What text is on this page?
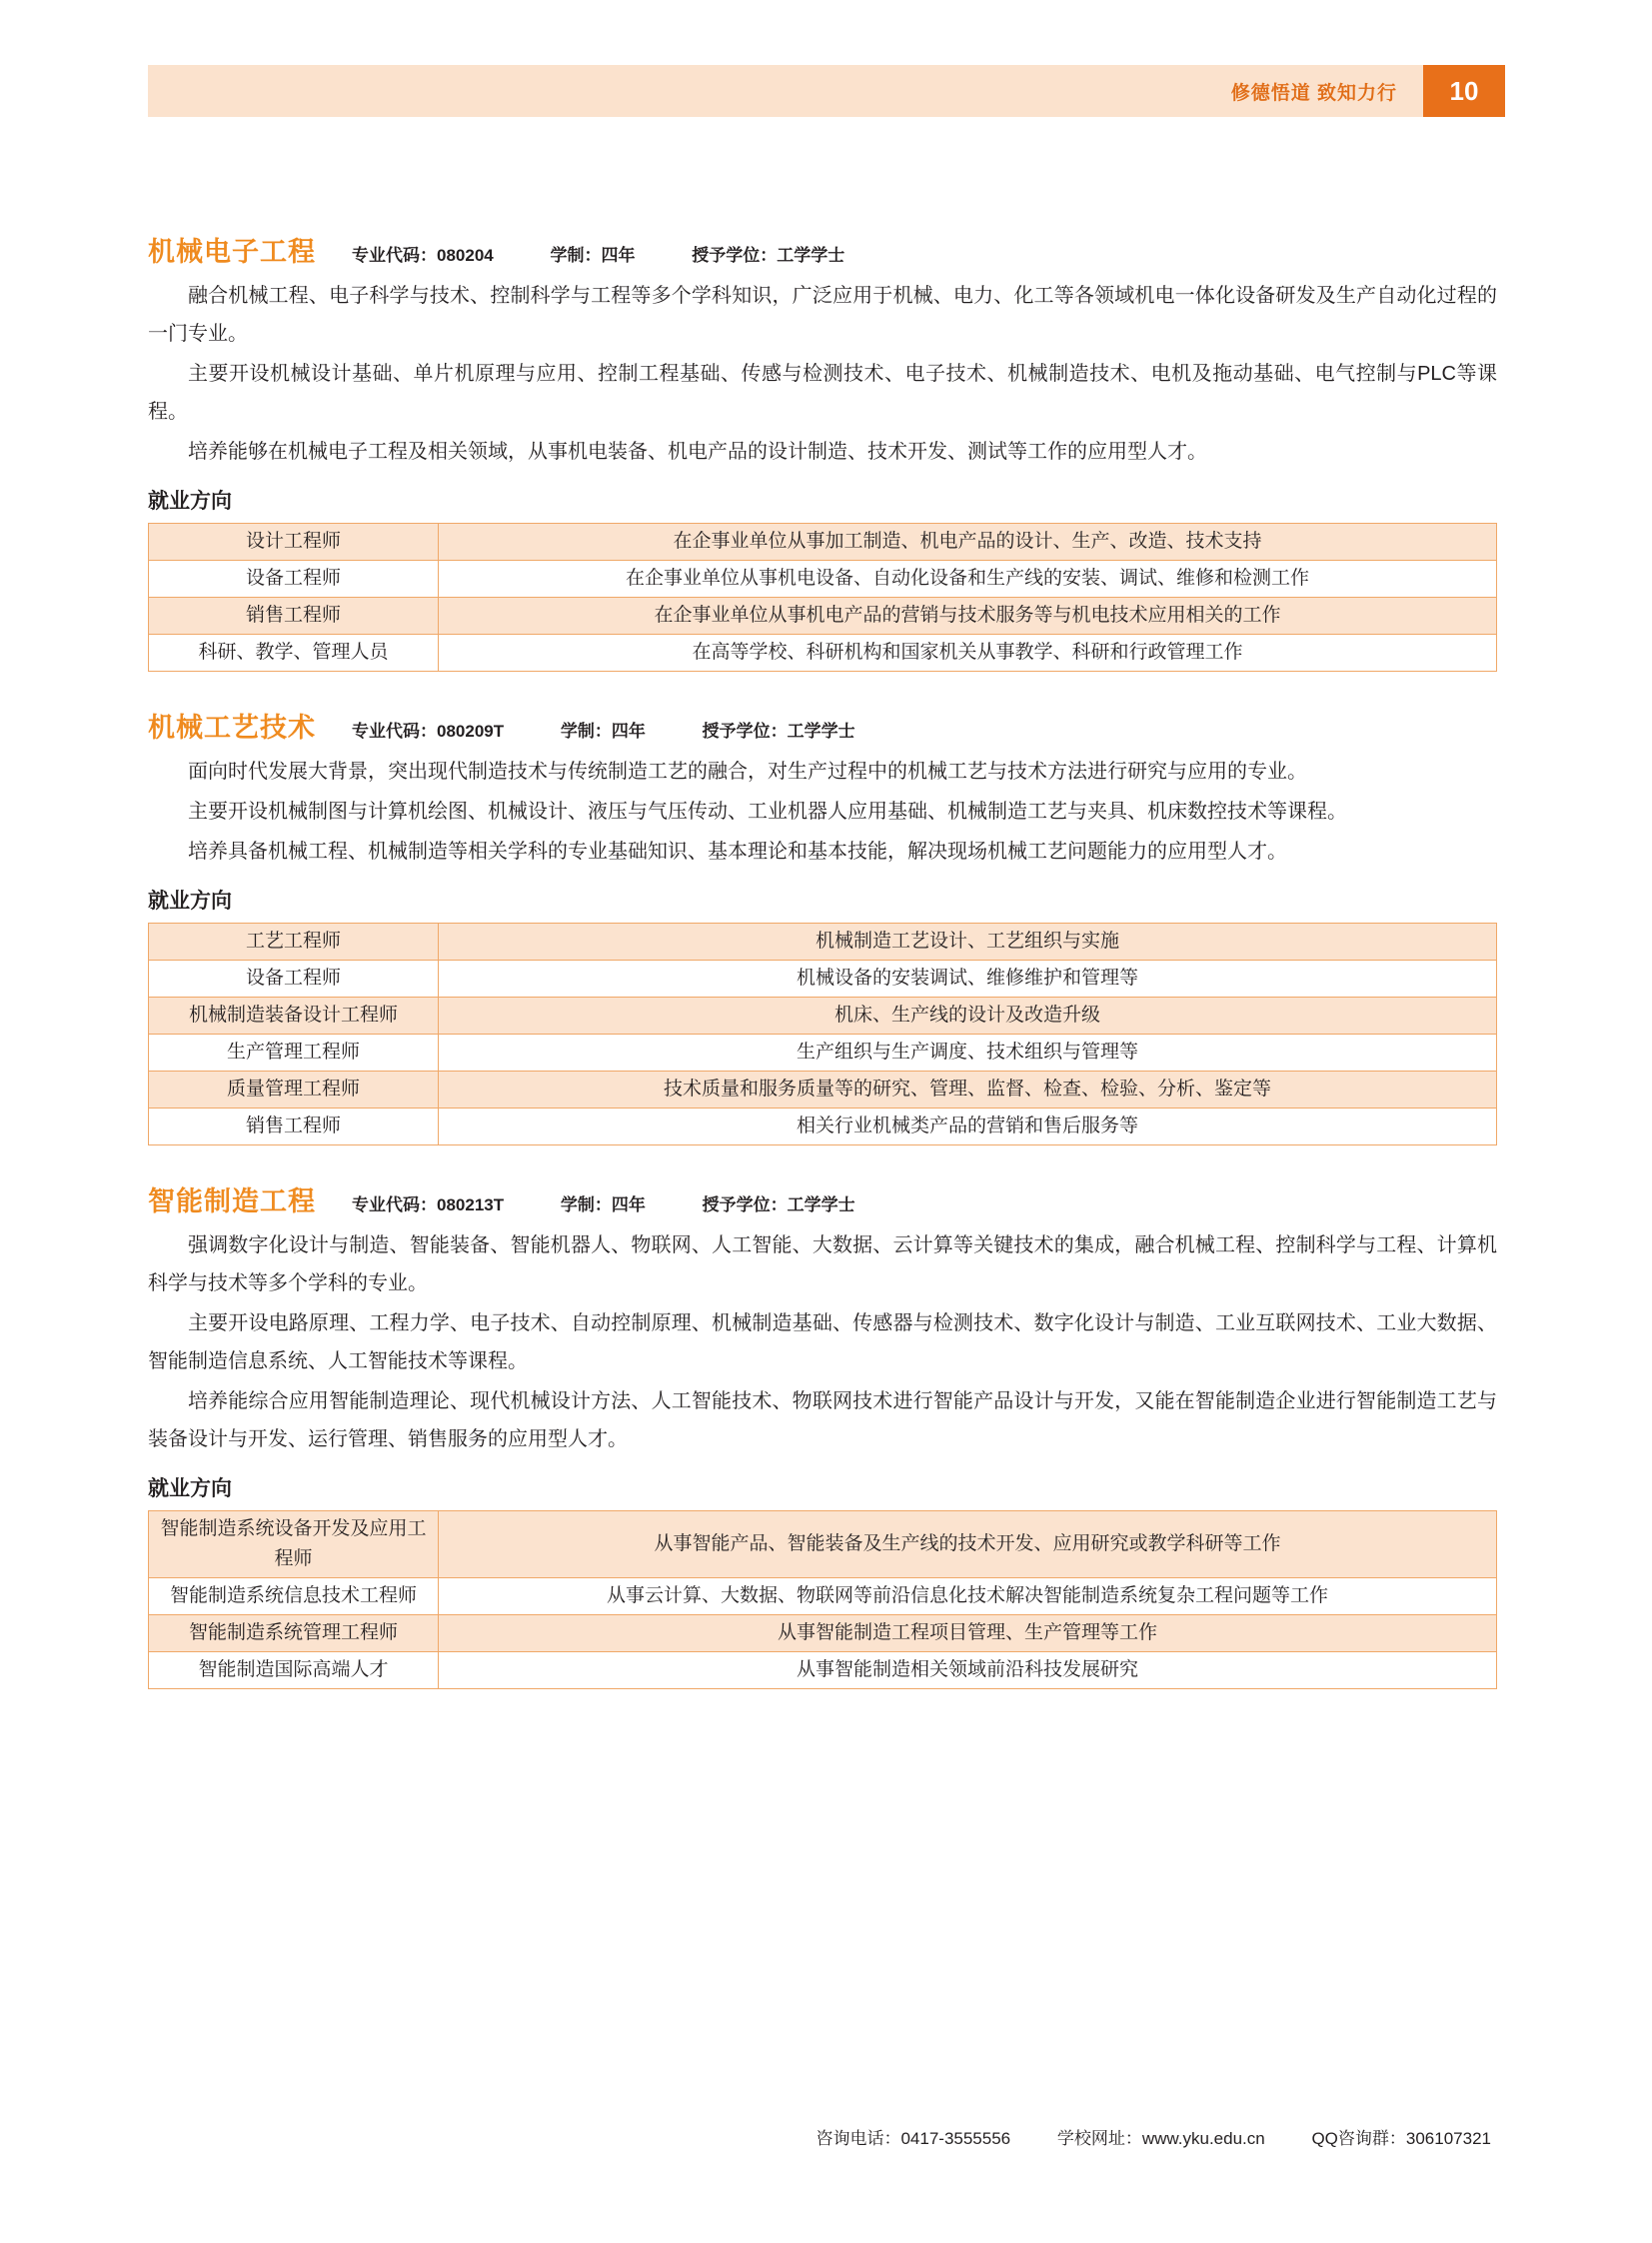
修德悟道 致知力行	10
机械电子工程 专业代码：080204	学制：四年	授予学位：工学学士

融合机械工程、电子科学与技术、控制科学与工程等多个学科知识，广泛应用于机械、电力、化工等各领域机电一体化设备研发及生产自动化过程的一门专业。

主要开设机械设计基础、单片机原理与应用、控制工程基础、传感与检测技术、电子技术、机械制造技术、电机及拖动基础、电气控制与PLC等课程。

培养能够在机械电子工程及相关领域，从事机电装备、机电产品的设计制造、技术开发、测试等工作的应用型人才。

就业方向
设计工程师	在企事业单位从事加工制造、机电产品的设计、生产、改造、技术支持
设备工程师	在企事业单位从事机电设备、自动化设备和生产线的安装、调试、维修和检测工作
销售工程师	在企事业单位从事机电产品的营销与技术服务等与机电技术应用相关的工作
科研、教学、管理人员	在高等学校、科研机构和国家机关从事教学、科研和行政管理工作
机械工艺技术 专业代码：080209T	学制：四年	授予学位：工学学士

面向时代发展大背景，突出现代制造技术与传统制造工艺的融合，对生产过程中的机械工艺与技术方法进行研究与应用的专业。

主要开设机械制图与计算机绘图、机械设计、液压与气压传动、工业机器人应用基础、机械制造工艺与夹具、机床数控技术等课程。

培养具备机械工程、机械制造等相关学科的专业基础知识、基本理论和基本技能，解决现场机械工艺问题能力的应用型人才。

就业方向
工艺工程师	机械制造工艺设计、工艺组织与实施
设备工程师	机械设备的安装调试、维修维护和管理等
机械制造装备设计工程师	机床、生产线的设计及改造升级
生产管理工程师	生产组织与生产调度、技术组织与管理等
质量管理工程师	技术质量和服务质量等的研究、管理、监督、检查、检验、分析、鉴定等
销售工程师	相关行业机械类产品的营销和售后服务等
智能制造工程 专业代码：080213T	学制：四年	授予学位：工学学士

强调数字化设计与制造、智能装备、智能机器人、物联网、人工智能、大数据、云计算等关键技术的集成，融合机械工程、控制科学与工程、计算机科学与技术等多个学科的专业。

主要开设电路原理、工程力学、电子技术、自动控制原理、机械制造基础、传感器与检测技术、数字化设计与制造、工业互联网技术、工业大数据、智能制造信息系统、人工智能技术等课程。

培养能综合应用智能制造理论、现代机械设计方法、人工智能技术、物联网技术进行智能产品设计与开发，又能在智能制造企业进行智能制造工艺与装备设计与开发、运行管理、销售服务的应用型人才。

就业方向
智能制造系统设备开发及应用工程师	从事智能产品、智能装备及生产线的技术开发、应用研究或教学科研等工作
智能制造系统信息技术工程师	从事云计算、大数据、物联网等前沿信息化技术解决智能制造系统复杂工程问题等工作
智能制造系统管理工程师	从事智能制造工程项目管理、生产管理等工作
智能制造国际高端人才	从事智能制造相关领域前沿科技发展研究
咨询电话：0417-3555556	学校网址：www.yku.edu.cn	QQ咨询群：306107321
